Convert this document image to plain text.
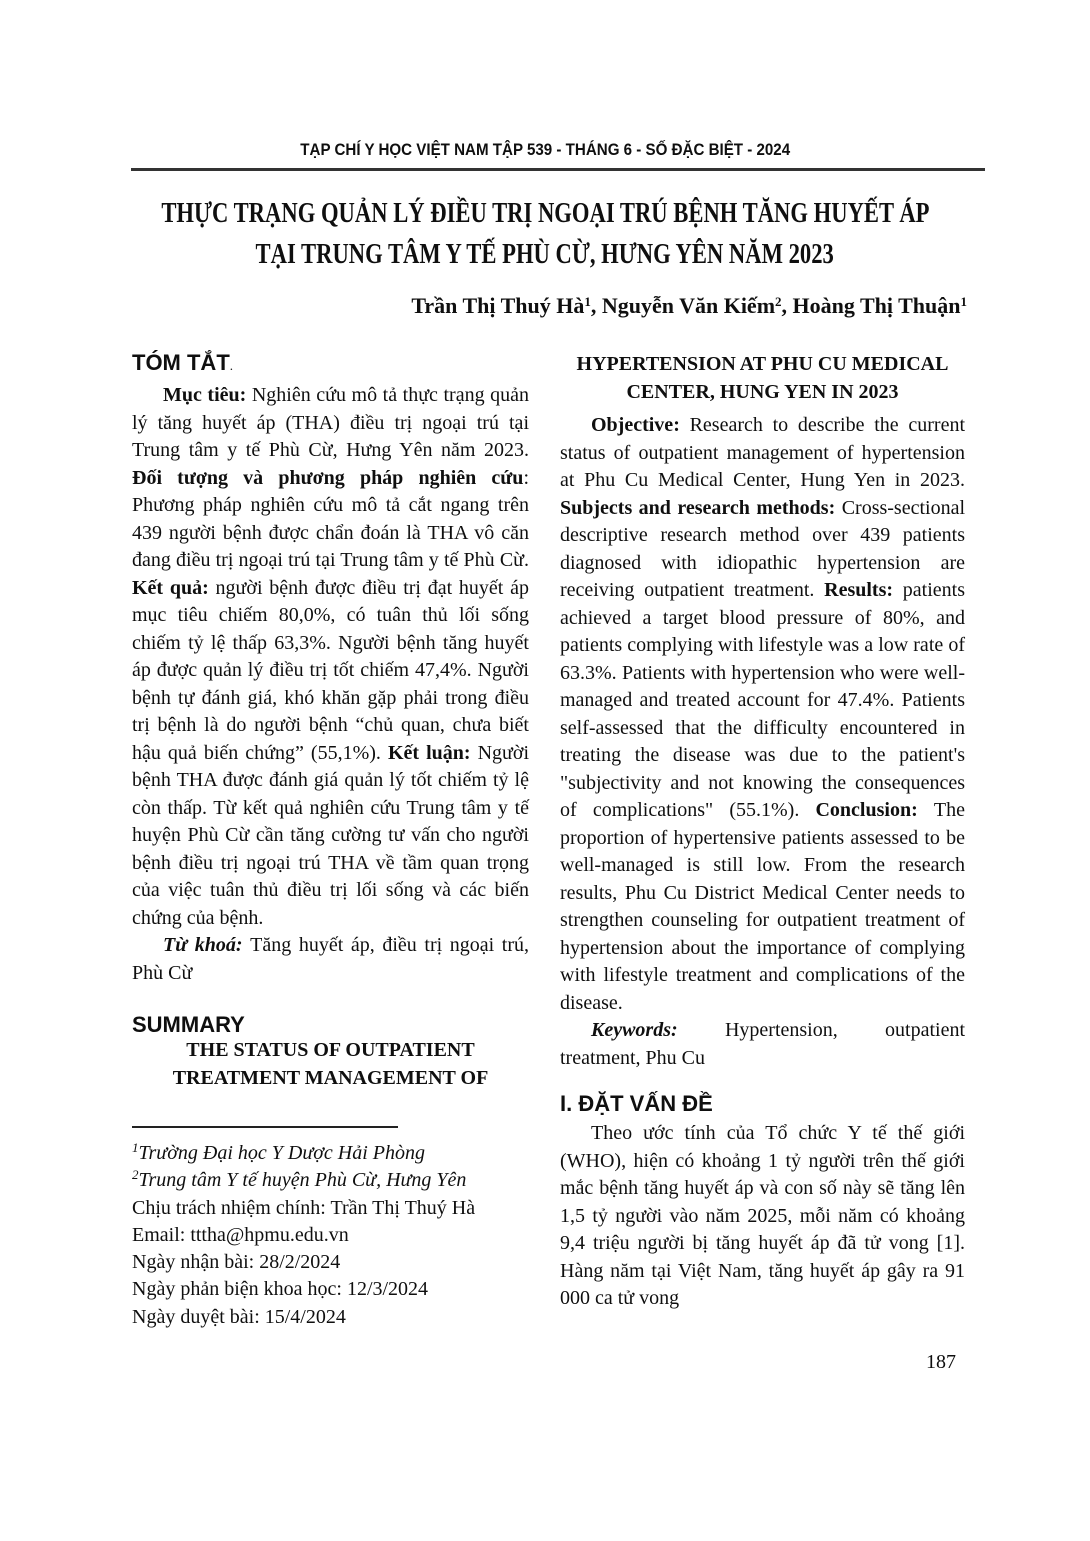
TẠP CHÍ Y HỌC VIỆT NAM TẬP 539 - THÁNG 6 - SỐ ĐẶC BIỆT - 2024
THỰC TRẠNG QUẢN LÝ ĐIỀU TRỊ NGOẠI TRÚ BỆNH TĂNG HUYẾT ÁP
TẠI TRUNG TÂM Y TẾ PHÙ CỪ, HƯNG YÊN NĂM 2023
Trần Thị Thuý $Hà^1$, Nguyễn Văn Kiếm$^2$, Hoàng Thị Thuận$^1$
TÓM TẮT.

Mục tiêu: Nghiên cứu mô tả thực trạng quản lý tăng huyết áp (THA) điều trị ngoại trú tại Trung tâm y tế Phù Cừ, Hưng Yên năm 2023. Đối tượng và phương pháp nghiên cứu: Phương pháp nghiên cứu mô tả cắt ngang trên 439 người bệnh được chẩn đoán là THA vô căn đang điều trị ngoại trú tại Trung tâm y tế Phù Cừ. Kết quả: người bệnh được điều trị đạt huyết áp mục tiêu chiếm 80,0%, có tuân thủ lối sống chiếm tỷ lệ thấp 63,3%. Người bệnh tăng huyết áp được quản lý điều trị tốt chiếm 47,4%. Người bệnh tự đánh giá, khó khăn gặp phải trong điều trị bệnh là do người bệnh “chủ quan, chưa biết hậu quả biến chứng” (55,1%). Kết luận: Người bệnh THA được đánh giá quản lý tốt chiếm tỷ lệ còn thấp. Từ kết quả nghiên cứu Trung tâm y tế huyện Phù Cừ cần tăng cường tư vấn cho người bệnh điều trị ngoại trú THA về tầm quan trọng của việc tuân thủ điều trị lối sống và các biến chứng của bệnh.

Từ khoá: Tăng huyết áp, điều trị ngoại trú, Phù Cừ

SUMMARY
THE STATUS OF OUTPATIENT
TREATMENT MANAGEMENT OF
HYPERTENSION AT PHU CU MEDICAL
CENTER, HUNG YEN IN 2023

Objective: Research to describe the current status of outpatient management of hypertension at Phu Cu Medical Center, Hung Yen in 2023. Subjects and research methods: Cross-sectional descriptive research method over 439 patients diagnosed with idiopathic hypertension are receiving outpatient treatment. Results: patients achieved a target blood pressure of 80%, and patients complying with lifestyle was a low rate of 63.3%. Patients with hypertension who were well-managed and treated account for 47.4%. Patients self-assessed that the difficulty encountered in treating the disease was due to the patient's "subjectivity and not knowing the consequences of complications" (55.1%). Conclusion: The proportion of hypertensive patients assessed to be well-managed is still low. From the research results, Phu Cu District Medical Center needs to strengthen counseling for outpatient treatment of hypertension about the importance of complying with lifestyle treatment and complications of the disease.

Keywords: Hypertension, outpatient treatment, Phu Cu

I. ĐẶT VẤN ĐỀ

Theo ước tính của Tổ chức Y tế thế giới (WHO), hiện có khoảng 1 tỷ người trên thế giới mắc bệnh tăng huyết áp và con số này sẽ tăng lên 1,5 tỷ người vào năm 2025, mỗi năm có khoảng 9,4 triệu người bị tăng huyết áp đã tử vong [1]. Hàng năm tại Việt Nam, tăng huyết áp gây ra 91 000 ca tử vong

$^1$Trường Đại học Y Dược Hải Phòng
$^2$Trung tâm Y tế huyện Phù Cừ, Hưng Yên
Chịu trách nhiệm chính: Trần Thị Thuý Hà
Email: tttha@hpmu.edu.vn
Ngày nhận bài: 28/2/2024
Ngày phản biện khoa học: 12/3/2024
Ngày duyệt bài: 15/4/2024
187
